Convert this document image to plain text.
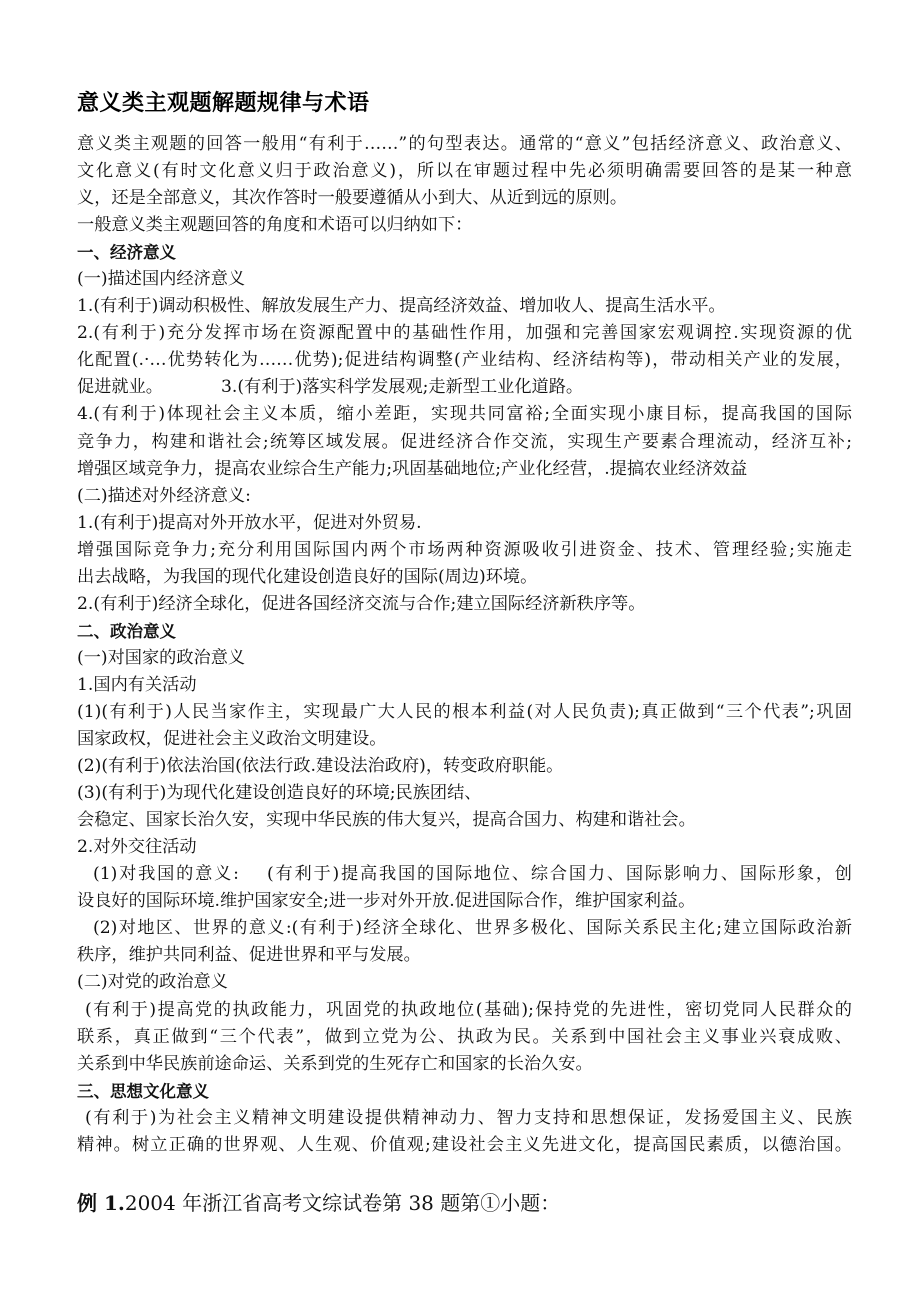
意义类主观题解题规律与术语
意义类主观题的回答一般用“有利于……”的句型表达。通常的“意义”包括经济意义、政治意义、
文化意义(有时文化意义归于政治意义)，所以在审题过程中先必须明确需要回答的是某一种意
义，还是全部意义，其次作答时一般要遵循从小到大、从近到远的原则。
一般意义类主观题回答的角度和术语可以归纳如下：
一、经济意义
(一)描述国内经济意义
1.(有利于)调动积极性、解放发展生产力、提高经济效益、增加收人、提高生活水平。
2.(有利于)充分发挥市场在资源配置中的基础性作用，加强和完善国家宏观调控.实现资源的优
化配置(.·…优势转化为……优势);促进结构调整(产业结构、经济结构等)，带动相关产业的发展，
促进就业。	3.(有利于)落实科学发展观;走新型工业化道路。
4.(有利于)体现社会主义本质，缩小差距，实现共同富裕;全面实现小康目标，提高我国的国际
竞争力，构建和谐社会;统筹区域发展。促进经济合作交流，实现生产要素合理流动，经济互补;
增强区域竞争力，提高农业综合生产能力;巩固基础地位;产业化经营，.提搞农业经济效益
(二)描述对外经济意义:
1.(有利于)提高对外开放水平，促进对外贸易.
增强国际竞争力;充分利用国际国内两个市场两种资源吸收引进资金、技术、管理经验;实施走
出去战略，为我国的现代化建设创造良好的国际(周边)环境。
2.(有利于)经济全球化，促进各国经济交流与合作;建立国际经济新秩序等。
二、政治意义
(一)对国家的政治意义
1.国内有关活动
(1)(有利于)人民当家作主，实现最广大人民的根本利益(对人民负责);真正做到“三个代表”;巩固
国家政权，促进社会主义政治文明建设。
(2)(有利于)依法治国(依法行政.建设法治政府)，转变政府职能。
(3)(有利于)为现代化建设创造良好的环境;民族团结、
会稳定、国家长治久安，实现中华民族的伟大复兴，提高合国力、构建和谐社会。
2.对外交往活动
(1)对我国的意义:　 (有利于)提高我国的国际地位、综合国力、国际影响力、国际形象，创
设良好的国际环境.维护国家安全;进一步对外开放.促进国际合作，维护国家利益。
(2)对地区、世界的意义:(有利于)经济全球化、世界多极化、国际关系民主化;建立国际政治新
秩序，维护共同利益、促进世界和平与发展。
(二)对党的政治意义
(有利于)提高党的执政能力，巩固党的执政地位(基础);保持党的先进性，密切党同人民群众的
联系，真正做到“三个代表”，做到立党为公、执政为民。关系到中国社会主义事业兴衰成败、
关系到中华民族前途命运、关系到党的生死存亡和国家的长治久安。
三、思想文化意义
(有利于)为社会主义精神文明建设提供精神动力、智力支持和思想保证，发扬爱国主义、民族
精神。树立正确的世界观、人生观、价值观;建设社会主义先进文化，提高国民素质，以德治国。
例 1.2004 年浙江省高考文综试卷第 38 题第①小题：
